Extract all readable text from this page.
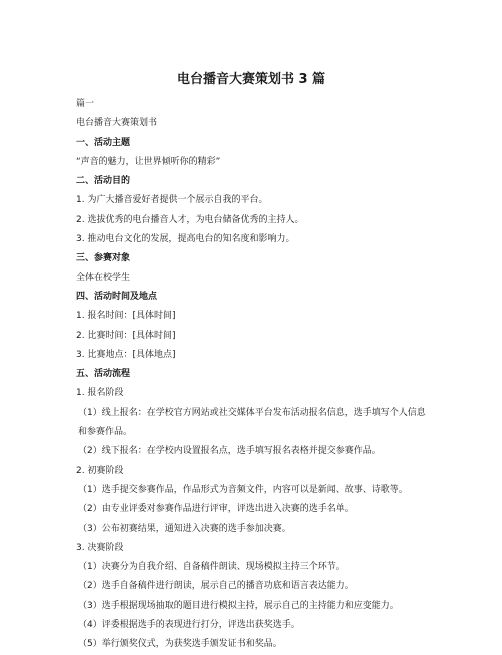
电台播音大赛策划书 3 篇
篇一
电台播音大赛策划书
一、活动主题
“声音的魅力，让世界倾听你的精彩”
二、活动目的
1. 为广大播音爱好者提供一个展示自我的平台。
2. 选拔优秀的电台播音人才，为电台储备优秀的主持人。
3. 推动电台文化的发展，提高电台的知名度和影响力。
三、参赛对象
全体在校学生
四、活动时间及地点
1. 报名时间：[具体时间]
2. 比赛时间：[具体时间]
3. 比赛地点：[具体地点]
五、活动流程
1. 报名阶段
（1）线上报名：在学校官方网站或社交媒体平台发布活动报名信息，选手填写个人信息和参赛作品。
（2）线下报名：在学校内设置报名点，选手填写报名表格并提交参赛作品。
2. 初赛阶段
（1）选手提交参赛作品，作品形式为音频文件，内容可以是新闻、故事、诗歌等。
（2）由专业评委对参赛作品进行评审，评选出进入决赛的选手名单。
（3）公布初赛结果，通知进入决赛的选手参加决赛。
3. 决赛阶段
（1）决赛分为自我介绍、自备稿件朗读、现场模拟主持三个环节。
（2）选手自备稿件进行朗读，展示自己的播音功底和语言表达能力。
（3）选手根据现场抽取的题目进行模拟主持，展示自己的主持能力和应变能力。
（4）评委根据选手的表现进行打分，评选出获奖选手。
（5）举行颁奖仪式，为获奖选手颁发证书和奖品。
